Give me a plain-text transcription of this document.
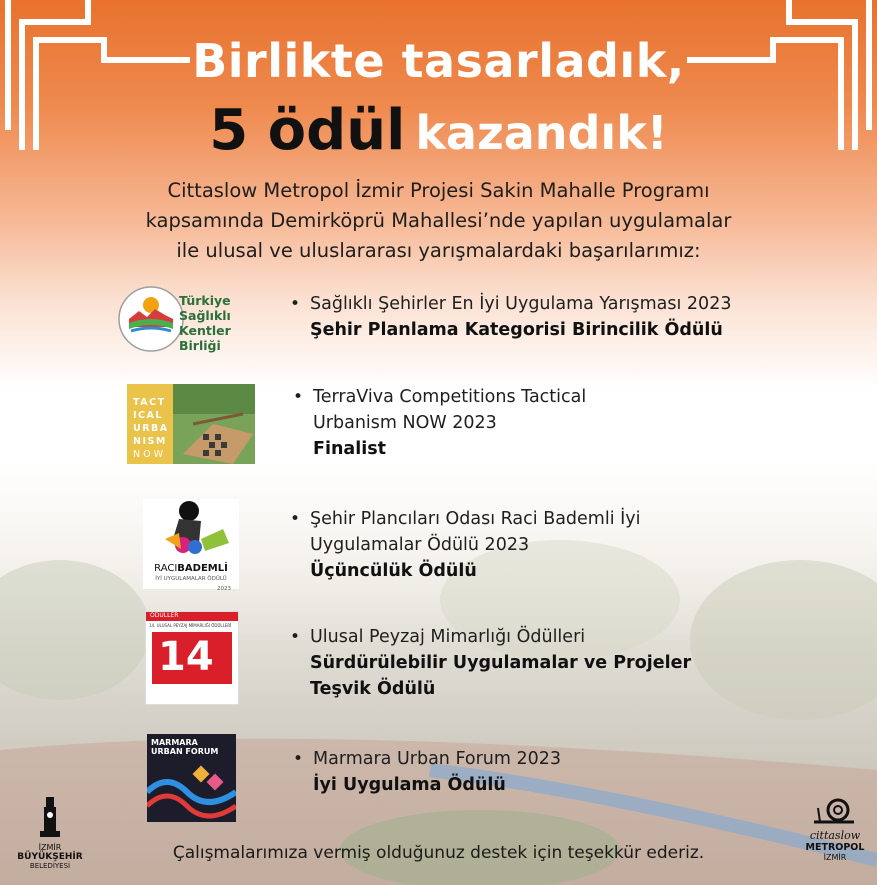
Birlikte tasarladık,
5 ödül kazandık!
Cittaslow Metropol İzmir Projesi Sakin Mahalle Programı
kapsamında Demirköprü Mahallesi’nde yapılan uygulamalar
ile ulusal ve uluslararası yarışmalardaki başarılarımız:
Türkiye
Sağlıklı Kentler
Birliği
• Sağlıklı Şehirler En İyi Uygulama Yarışması 2023
Şehir Planlama Kategorisi Birincilik Ödülü
TACT
ICAL
URBA
NISM
NOW
• TerraViva Competitions Tactical
Urbanism NOW 2023
Finalist
RACIBADEMLİ
İYİ UYGULAMALAR ÖDÜLÜ
2023
• Şehir Plancıları Odası Raci Bademli İyi
Uygulamalar Ödülü 2023
Üçüncülük Ödülü
ÖDÜLLER
14. ULUSAL PEYZAJ MİMARLIĞI ÖDÜLLERİ
14	• Ulusal Peyzaj Mimarlığı Ödülleri
Sürdürülebilir Uygulamalar ve Projeler
Teşvik Ödülü
MARMARA
URBAN FORUM	• Marmara Urban Forum 2023
İyi Uygulama Ödülü
Çalışmalarımıza vermiş olduğunuz destek için teşekkür ederiz.
İZMİR
BÜYÜKŞEHİR
BELEDİYESİ
cittaslow
METROPOL
İZMİR
